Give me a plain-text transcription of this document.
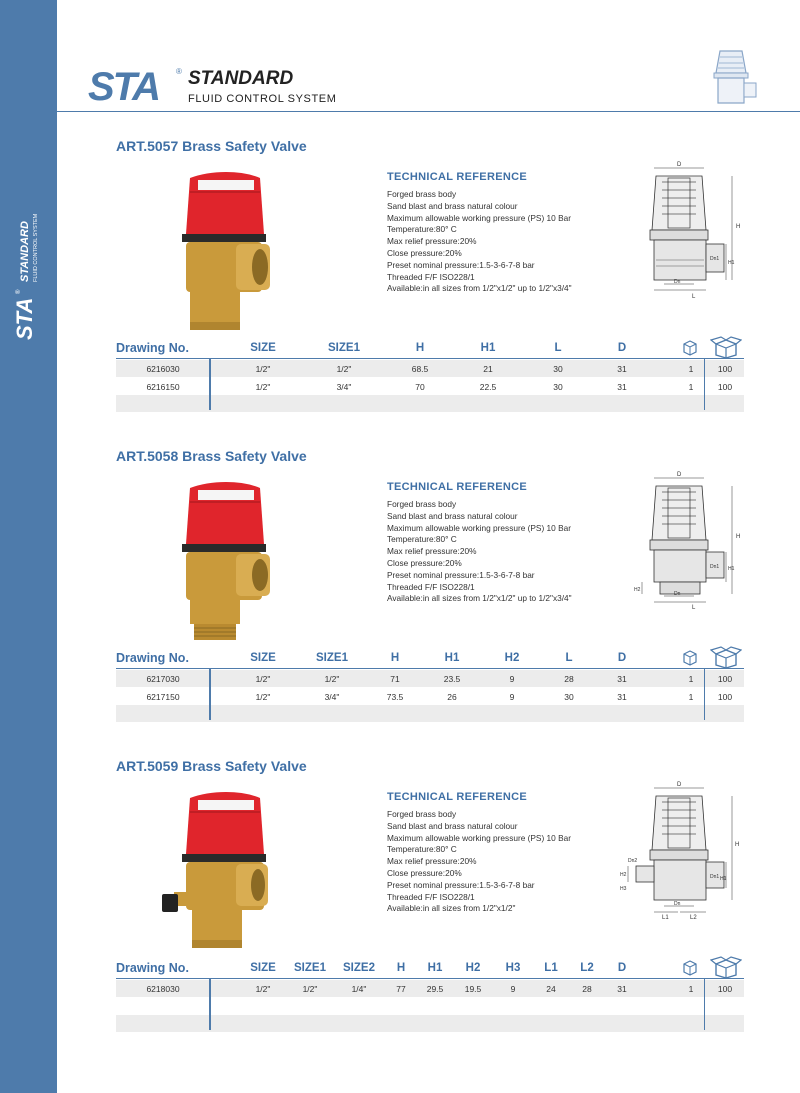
STA
®
STANDARD FLUID CONTROL SYSTEM
STA ® STANDARD
FLUID CONTROL SYSTEM
ART.5057 Brass Safety Valve
TECHNICAL REFERENCE
Forged brass body
Sand blast and brass natural colour
Maximum allowable working pressure (PS) 10 Bar
Temperature:80° C
Max relief pressure:20%
Close pressure:20%
Preset nominal pressure:1.5-3-6-7-8 bar
Threaded F/F ISO228/1
Available:in all sizes from 1/2"x1/2" up to 1/2"x3/4"
D
H
H1
Dn1
Dn
L
Drawing No.	SIZE	SIZE1	H	H1	L	D
6216030	1/2"	1/2"	68.5	21	30	31	1	100
6216150	1/2"	3/4"	70	22.5	30	31	1	100
ART.5058 Brass Safety Valve
TECHNICAL REFERENCE
Forged brass body
Sand blast and brass natural colour
Maximum allowable working pressure (PS) 10 Bar
Temperature:80° C
Max relief pressure:20%
Close pressure:20%
Preset nominal pressure:1.5-3-6-7-8 bar
Threaded F/F ISO228/1
Available:in all sizes from 1/2"x1/2" up to 1/2"x3/4"
D
H
H1
H2
Dn1
Dn
L
Drawing No.	SIZE	SIZE1	H	H1	H2	L	D
6217030	1/2"	1/2"	71	23.5	9	28	31	1	100
6217150	1/2"	3/4"	73.5	26	9	30	31	1	100
ART.5059 Brass Safety Valve
TECHNICAL REFERENCE
Forged brass body
Sand blast and brass natural colour
Maximum allowable working pressure (PS) 10 Bar
Temperature:80° C
Max relief pressure:20%
Close pressure:20%
Preset nominal pressure:1.5-3-6-7-8 bar
Threaded F/F ISO228/1
Available:in all sizes from 1/2"x1/2"
D
H
H1
H2
H3
Dn2
Dn1
Dn
L1	L2
Drawing No.	SIZE SIZE1 SIZE2 H H1 H2 H3 L1 L2 D
6218030	1/2"	1/2"	1/4"	77 29.5	19.5	9	24	28	31	1	100
